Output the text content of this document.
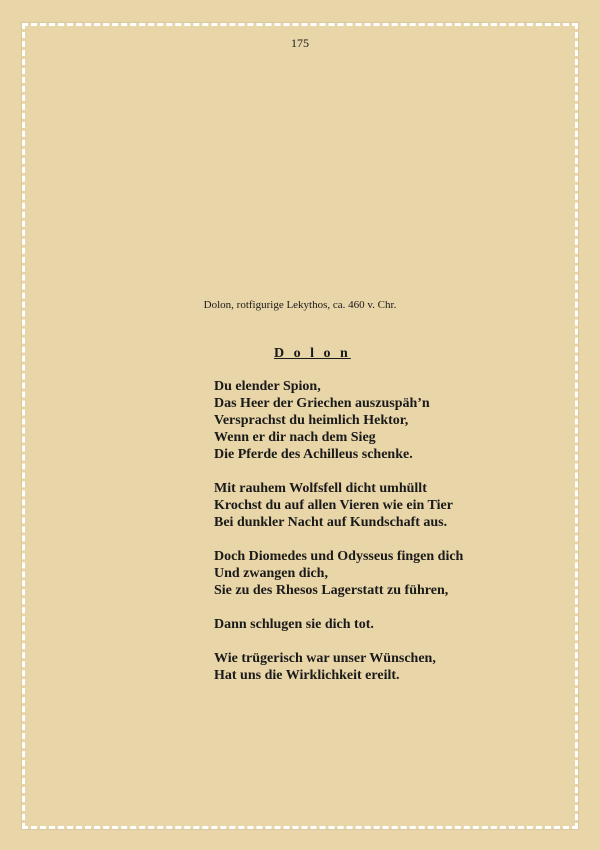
175
Dolon, rotfigurige Lekythos, ca. 460 v. Chr.
D o l o n
Du elender Spion,
Das Heer der Griechen auszuspäh’n
Versprachst du heimlich Hektor,
Wenn er dir nach dem Sieg
Die Pferde des Achilleus schenke.
Mit rauhem Wolfsfell dicht umhüllt
Krochst du auf allen Vieren wie ein Tier
Bei dunkler Nacht auf Kundschaft aus.
Doch Diomedes und Odysseus fingen dich
Und zwangen dich,
Sie zu des Rhesos Lagerstatt zu führen,
Dann schlugen sie dich tot.
Wie trügerisch war unser Wünschen,
Hat uns die Wirklichkeit ereilt.
